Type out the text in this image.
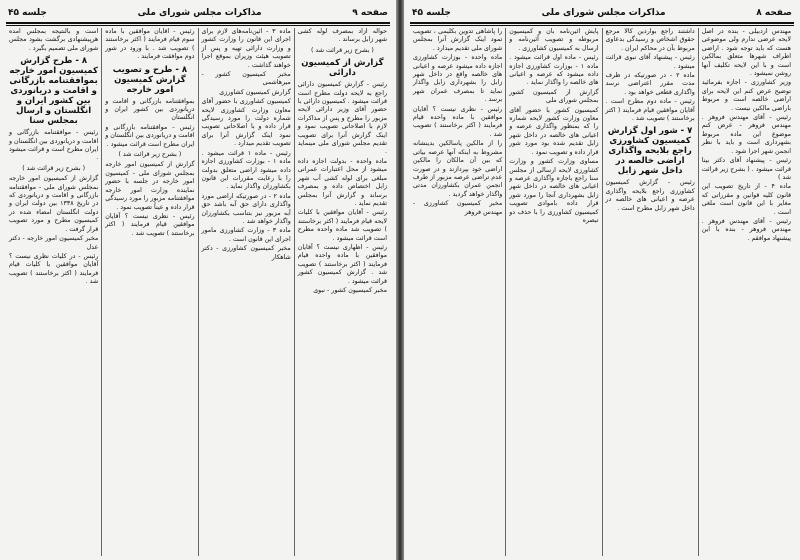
صفحه ۹
مذاکرات مجلس شورای ملی
جلسه ۴۵

حواله آزاد بمصرف لوله کشی شهر زابل برساند .

( بشرح زیر قرائت شد )

گزارش از کمیسیون دارائی

رئیس - گزارش کمیسیون دارائی راجع به لایحه دولت مطرح است قرائت میشود . کمیسیون دارائی با حضور آقای وزیر دارائی لایحه مزبور را مطرح و پس از مذاکرات لازم با اصلاحاتی تصویب نمود و اینک گزارش آنرا برای تصویب تقدیم مجلس شورای ملی مینماید .

ماده واحده - بدولت اجازه داده میشود از محل اعتبارات عمرانی مبلغی برای لوله کشی آب شهر زابل اختصاص داده و بمصرف برساند و گزارش آنرا بمجلس تقدیم نماید .

رئیس - آقایان موافقین با کلیات لایحه قیام فرمایند ( اکثر برخاستند ) تصویب شد ماده واحده مطرح است قرائت میشود .

رئیس - اظهاری نیست ؟ آقایان موافقین با ماده واحده قیام فرمایند ( اکثر برخاستند ) تصویب شد . گزارش کمیسیون کشور قرائت میشود .

مخبر کمیسیون کشور - نبوی

ماده ۳ - آئین‌نامه‌های لازم برای اجرای این قانون را وزارت کشور و وزارت دارائی تهیه و پس از تصویب هیئت وزیران بموقع اجرا خواهند گذاشت .

مخبر کمیسیون کشور - میرهاشمی

گزارش کمیسیون کشاورزی

کمیسیون کشاورزی با حضور آقای معاون وزارت کشاورزی لایحه شماره دولت را مورد رسیدگی قرار داده و با اصلاحاتی تصویب نمود اینک گزارش آنرا برای تصویب تقدیم میدارد .

رئیس - ماده ۱ قرائت میشود . ماده ۱ - بوزارت کشاورزی اجازه داده میشود اراضی متعلق بدولت را با رعایت مقررات این قانون بکشاورزان واگذار نماید .

ماده ۲ - در صورتیکه اراضی مورد واگذاری دارای حق آبه باشد حق آبه مزبور نیز بتناسب بکشاورزان واگذار خواهد شد .

ماده ۳ - وزارت کشاورزی مامور اجرای این قانون است .

مخبر کمیسیون کشاورزی - دکتر شاهکار

رئیس - آقایان موافقین با ماده سوم قیام فرمایند ( اکثر برخاستند ) تصویب شد . با ورود در شور دوم موافقت فرمایند .

۸ - طرح و تصویب گزارش کمیسیون امور خارجه

بموافقتنامه بازرگانی و اقامت و دریانوردی بین کشور ایران و انگلستان

رئیس - موافقتنامه بازرگانی و اقامت و دریانوردی بین انگلستان و ایران مطرح است قرائت میشود .

( بشرح زیر قرائت شد )

گزارش از کمیسیون امور خارجه بمجلس شورای ملی - کمیسیون امور خارجه در جلسه با حضور نماینده وزارت امور خارجه موافقتنامه مزبور را مورد رسیدگی قرار داده و عیناً تصویب نمود .

رئیس - نظری نیست ؟ آقایان موافقین قیام فرمایند ( اکثر برخاستند ) تصویب شد .

است و بالنتیجه بمجلس آمده هرپیشنهادی برگشت بشود مجلس شورای ملی تصمیم بگیرد .

۸ - طرح گزارش کمیسیون امور خارجه بموافقتنامه بازرگانی و اقامت و دریانوردی بین کشور ایران و انگلستان و ارسال بمجلس سنا

رئیس - موافقتنامه بازرگانی و اقامت و دریانوردی بین انگلستان و ایران مطرح است و قرائت میشود .

( بشرح زیر قرائت شد )

گزارش از کمیسیون امور خارجه بمجلس شورای ملی - موافقتنامه بازرگانی و اقامت و دریانوردی که در تاریخ ۱۳۳۸ بین دولت ایران و دولت انگلستان امضاء شده در کمیسیون مطرح و مورد تصویب قرار گرفت .

مخبر کمیسیون امور خارجه - دکتر عدل

رئیس - در کلیات نظری نیست ؟ آقایان موافقین با کلیات قیام فرمایند ( اکثر برخاستند ) تصویب شد .

صفحه ۸
مذاکرات مجلس شورای ملی
جلسه ۴۵

مهندس اردبیلی - بنده در اصل لایحه عرضی ندارم ولی موضوعی هست که باید توجه شود . اراضی اطراف شهرها متعلق بمالکین است و با این لایحه تکلیف آنها روشن نمیشود .

وزیر کشاورزی - اجازه بفرمائید توضیح عرض کنم این لایحه برای اراضی خالصه است و مربوط باراضی مالکین نیست .

رئیس - آقای مهندس فروهر . مهندس فروهر - عرض کنم موضوع این ماده مربوط بشهرداری است و باید با نظر انجمن شهر اجرا شود .

رئیس - پیشنهاد آقای دکتر بینا قرائت میشود . ( بشرح زیر قرائت شد )

ماده ۴ - از تاریخ تصویب این قانون کلیه قوانین و مقرراتی که مغایر با این قانون است ملغی است .

رئیس - آقای مهندس فروهر . مهندس فروهر - بنده با این پیشنهاد موافقم .

داشتند راجع بواردین کالا مرجع حقوق اشخاص و رسیدگی بدعاوی مربوط بآن در محاکم ایران .

رئیس - پیشنهاد آقای نبوی قرائت میشود .

ماده ۲ - در صورتیکه در ظرف مدت مقرر اعتراضی نرسد واگذاری قطعی خواهد بود .

رئیس - ماده دوم مطرح است . آقایان موافقین قیام فرمایند ( اکثر برخاستند ) تصویب شد .

۷ - شور اول گزارش کمیسیون کشاورزی راجع بلایحه واگذاری اراضی خالصه در داخل شهر زابل

رئیس - گزارش کمیسیون کشاورزی راجع بلایحه واگذاری عرصه و اعیانی های خالصه در داخل شهر زابل مطرح است .

پایش آئین‌نامه بآن و کمیسیون مربوطه و تصویب آئین‌نامه و ارسال به کمیسیون کشاورزی .

رئیس - ماده اول قرائت میشود . ماده ۱ - بوزارت کشاورزی اجازه داده میشود که عرصه و اعیانی های خالصه را واگذار نماید .

گزارش از کمیسیون کشور بمجلس شورای ملی

کمیسیون کشور با حضور آقای معاون وزارت کشور لایحه شماره را که بمنظور واگذاری عرصه و اعیانی های خالصه در داخل شهر زابل تقدیم شده بود مورد شور قرار داده و تصویب نمود .

مساوی وزارت کشور و وزارت کشاورزی لایحه ارسالی از مجلس سنا راجع باجازه واگذاری عرصه و اعیانی های خالصه در داخل شهر زابل بشهرداری آنجا را مورد شور قرار داده باموادی تصویب کمیسیون کشاورزی را با حذف دو تبصره

را پاشاهی تدوین بکلیمی ، تصویب تمود اینک گزارش آنرا بمجلس شورای ملی تقدیم میدارد .

ماده واحده - بوزارت کشاورزی اجازه داده میشود عرصه و اعیانی های خالصه واقع در داخل شهر زابل را بشهرداری زابل واگذار نماید تا بمصرف عمران شهر برسد .

رئیس - نظری نیست ؟ آقایان موافقین با ماده واحده قیام فرمایند ( اکثر برخاستند ) تصویب شد .

را از مالکین پاسالکین بدینشانه مشروط به اینکه آنها عرصه بیاتی که بین آن مالکان را مالکین اراضی خود بپردازند و در صورت عدم تراضی عرصه مزبور از طرف انجمن عمران بکشاورزان مدتی واگذار خواهد گردید .

مخبر کمیسیون کشاورزی - مهندس فروهر
